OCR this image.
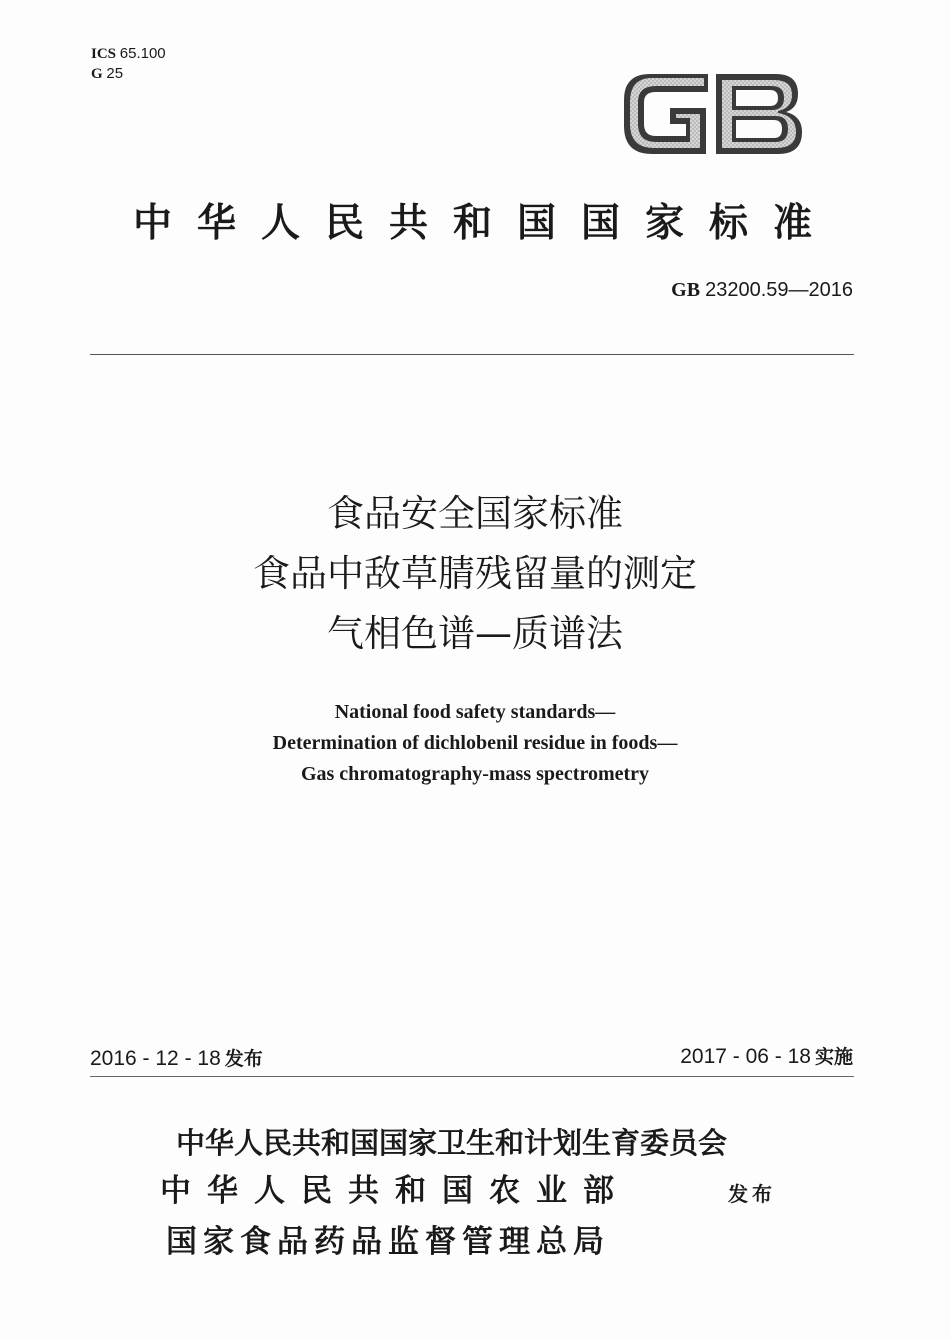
ICS 65.100
G 25
中华人民共和国国家标准
GB 23200.59—2016
食品安全国家标准
食品中敌草腈残留量的测定
气相色谱—质谱法
National food safety standards—
Determination of dichlobenil residue in foods—
Gas chromatography-mass spectrometry
2016 - 12 - 18 发布	2017 - 06 - 18 实施
中华人民共和国国家卫生和计划生育委员会
中华人民共和国农业部
国家食品药品监督管理总局
发布
